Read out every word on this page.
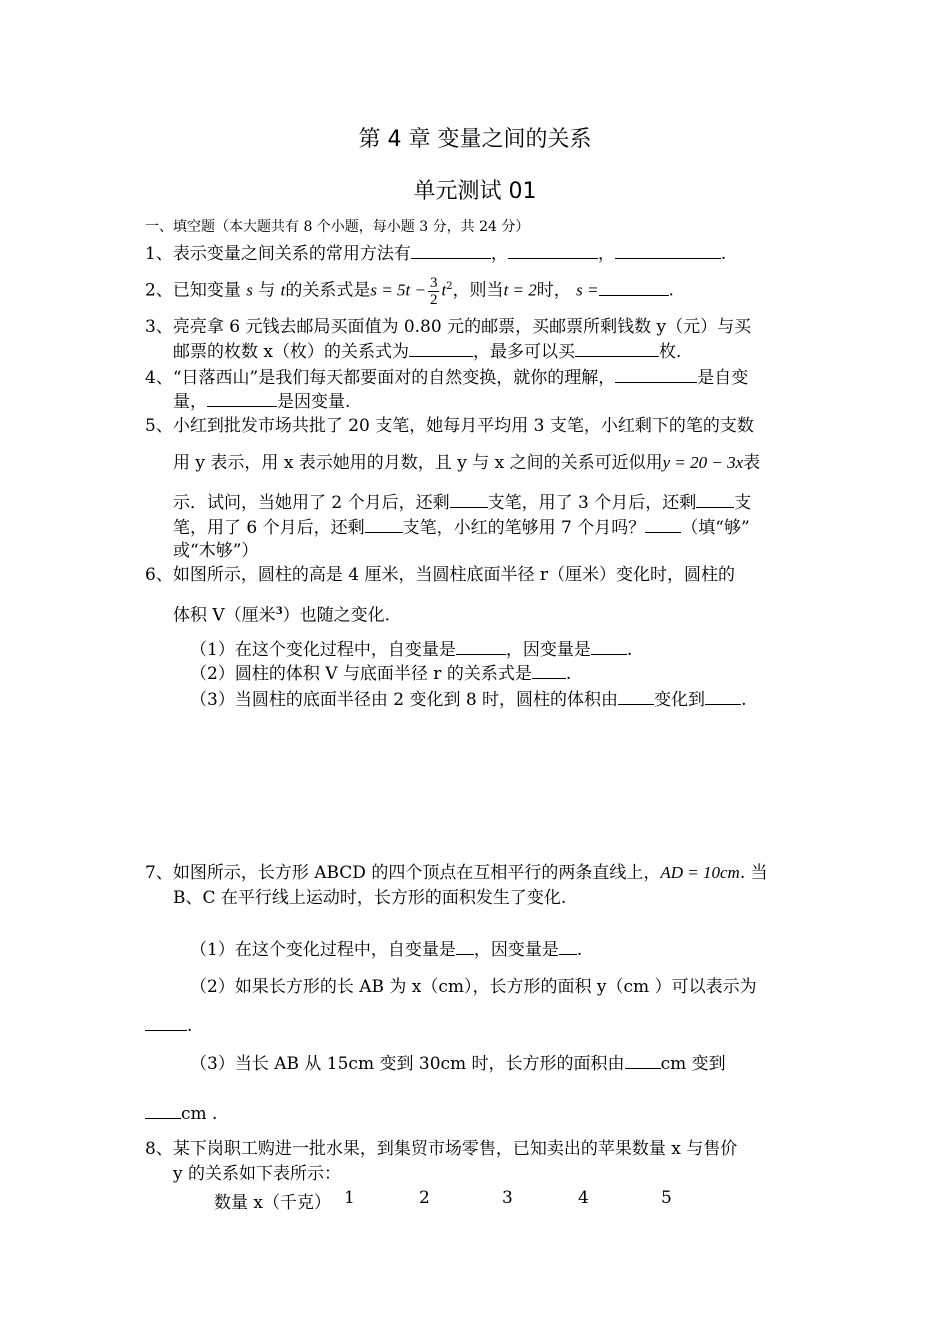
第 4 章 变量之间的关系
单元测试 01
一、填空题（本大题共有 8 个小题，每小题 3 分，共 24 分）
1、表示变量之间关系的常用方法有	，	，	.
2、已知变量 s 与 t的关系式是$s = 5t - \frac{3}{2} t^2$，则当t = 2时， s =	.
3、亮亮拿 6 元钱去邮局买面值为 0.80 元的邮票，买邮票所剩钱数 y（元）与买
邮票的枚数 x（枚）的关系式为	，最多可以买	枚.
4、“日落西山”是我们每天都要面对的自然变换，就你的理解，	是自变
量，	是因变量.
5、小红到批发市场共批了 20 支笔，她每月平均用 3 支笔，小红剩下的笔的支数
用 y 表示，用 x 表示她用的月数，且 y 与 x 之间的关系可近似用y = 20 − 3x表
示．试问，当她用了 2 个月后，还剩 支笔，用了 3 个月后，还剩 支
笔，用了 6 个月后，还剩 支笔，小红的笔够用 7 个月吗？ （填“够”
或“木够”）
6、如图所示，圆柱的高是 4 厘米，当圆柱底面半径 r（厘米）变化时，圆柱的
体积 V（厘米$^3$）也随之变化.
（1）在这个变化过程中，自变量是	，因变量是 .
（2）圆柱的体积 V 与底面半径 r 的关系式是 .
（3）当圆柱的底面半径由 2 变化到 8 时，圆柱的体积由 变化到 .
7、如图所示，长方形 ABCD 的四个顶点在互相平行的两条直线上，AD = 10cm. 当
B、C 在平行线上运动时，长方形的面积发生了变化.
（1）在这个变化过程中，自变量是 ，因变量是 .
（2）如果长方形的长 AB 为 x（cm），长方形的面积 y（cm ）可以表示为
.
（3）当长 AB 从 15cm 变到 30cm 时，长方形的面积由 cm 变到
cm .
8、某下岗职工购进一批水果，到集贸市场零售，已知卖出的苹果数量 x 与售价
y 的关系如下表所示：
数量 x（千克） 1	2	3	4	5
